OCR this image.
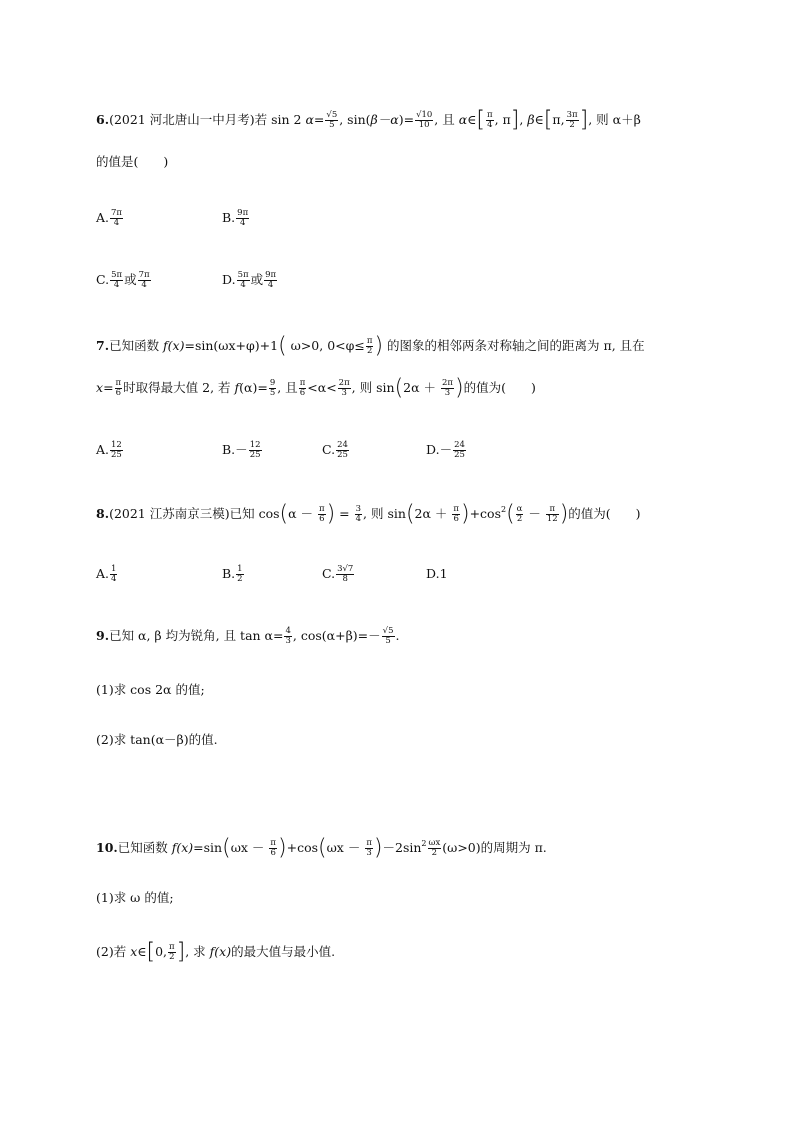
6.(2021 河北唐山一中月考)若 sin 2 $\alpha= \frac{√5}{5}$ , $\sin(\beta-\alpha)= \frac{√10}{10}$ , 且 α∈[ $\frac{\pi}{4}$ , π], β∈[π, $\frac{3\pi}{2}$ ], 则 α＋β
的值是(　　)
A. $\frac{7\pi}{4}$	B. $\frac{9\pi}{4}$
C. $\frac{5\pi}{4}$ 或 $\frac{7\pi}{4}$	D. $\frac{5\pi}{4}$ 或 $\frac{9\pi}{4}$
7.已知函数 f(x)=sin(ωx+φ)+1( ω>0, $0<\varphi\le \frac{\pi}{2}$ ) 的图象的相邻两条对称轴之间的距离为 π, 且在
$x= \frac{\pi}{6}$ 时取得最大值 2, 若 $f(\alpha)= \frac{9}{5}$ , 且 $\frac{\pi}{6} <\alpha< \frac{2\pi}{3}$ , 则 $\sin(2\alpha + \frac{2\pi}{3}$ )的值为(　　)
A. $\frac{12}{25}$	$B.- \frac{12}{25}$	C. $\frac{24}{25}$	$D.- \frac{24}{25}$
8.(2021 江苏南京三模)已知 $\cos(\alpha - \frac{\pi}{6}$ ) = $\frac{3}{4}$ , 则 $\sin(2\alpha + \frac{\pi}{6} )+\cos^2( \frac{\alpha}{2} - \frac{\pi}{12}$ )的值为(　　)
A. $\frac{1}{4}$	B. $\frac{1}{2}$	C. $\frac{3√7}{8}$	D.1
9.已知 α, β 均为锐角, 且 $\tan \alpha= \frac{4}{3}$ , $\cos(\alpha+\beta)=- \frac{√5}{5}$ .
(1)求 cos 2α 的值;
(2)求 tan(α－β)的值.
10.已知函数 $f(x)=\sin(\omega x - \frac{\pi}{6} )+\cos(\omega x - \frac{\pi}{3} )-2\sin^2 \frac{\omega x}{2} (\omega>0)$的周期为 π.
(1)求 ω 的值;
(2)若 x∈[0, $\frac{\pi}{2}$ ], 求 f(x)的最大值与最小值.
